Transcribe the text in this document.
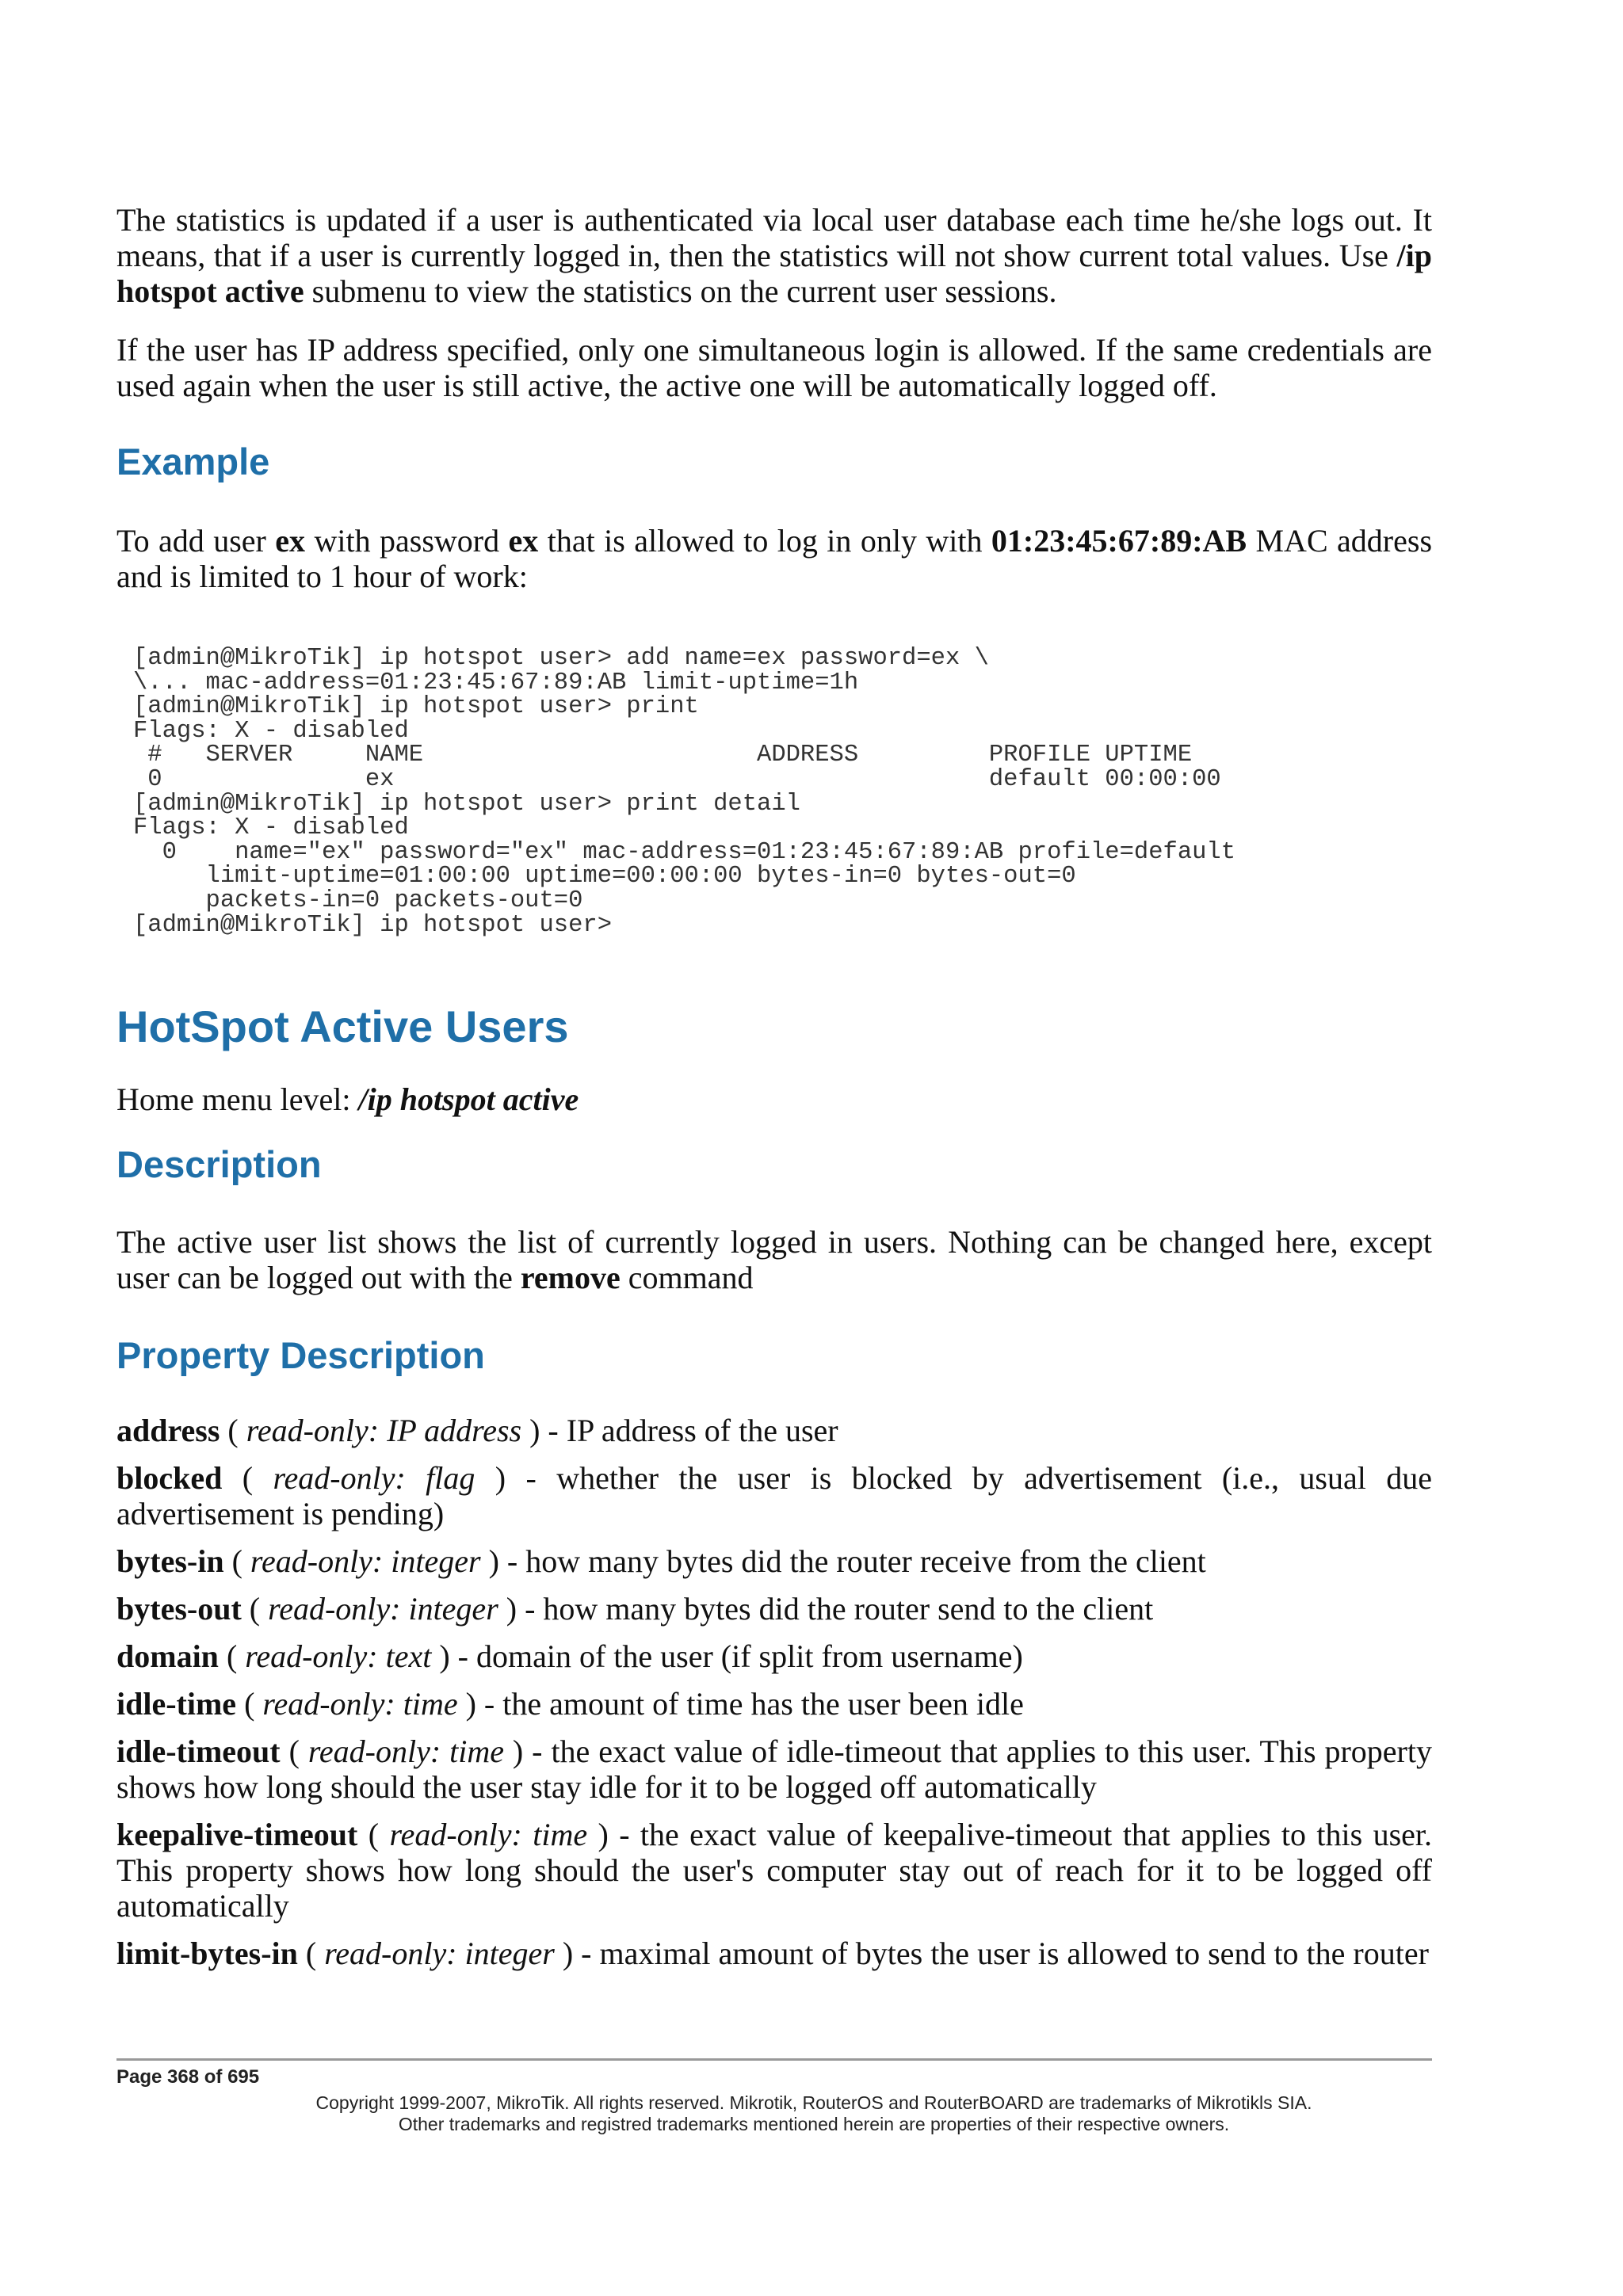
The statistics is updated if a user is authenticated via local user database each time he/she logs out. It means, that if a user is currently logged in, then the statistics will not show current total values. Use /ip hotspot active submenu to view the statistics on the current user sessions.

If the user has IP address specified, only one simultaneous login is allowed. If the same credentials are used again when the user is still active, the active one will be automatically logged off.

Example

To add user ex with password ex that is allowed to log in only with 01:23:45:67:89:AB MAC address and is limited to 1 hour of work:

[admin@MikroTik] ip hotspot user> add name=ex password=ex \
\... mac-address=01:23:45:67:89:AB limit-uptime=1h
[admin@MikroTik] ip hotspot user> print
Flags: X - disabled
#   SERVER     NAME                       ADDRESS         PROFILE UPTIME
0              ex                                         default 00:00:00
[admin@MikroTik] ip hotspot user> print detail
Flags: X - disabled
0    name="ex" password="ex" mac-address=01:23:45:67:89:AB profile=default
limit-uptime=01:00:00 uptime=00:00:00 bytes-in=0 bytes-out=0
packets-in=0 packets-out=0
[admin@MikroTik] ip hotspot user>
HotSpot Active Users

Home menu level: /ip hotspot active

Description

The active user list shows the list of currently logged in users. Nothing can be changed here, except user can be logged out with the remove command

Property Description

address ( read-only: IP address ) - IP address of the user

blocked ( read-only: flag ) - whether the user is blocked by advertisement (i.e., usual due advertisement is pending)

bytes-in ( read-only: integer ) - how many bytes did the router receive from the client

bytes-out ( read-only: integer ) - how many bytes did the router send to the client

domain ( read-only: text ) - domain of the user (if split from username)

idle-time ( read-only: time ) - the amount of time has the user been idle

idle-timeout ( read-only: time ) - the exact value of idle-timeout that applies to this user. This property shows how long should the user stay idle for it to be logged off automatically

keepalive-timeout ( read-only: time ) - the exact value of keepalive-timeout that applies to this user. This property shows how long should the user's computer stay out of reach for it to be logged off automatically

limit-bytes-in ( read-only: integer ) - maximal amount of bytes the user is allowed to send to the router

Page 368 of 695
Copyright 1999-2007, MikroTik. All rights reserved. Mikrotik, RouterOS and RouterBOARD are trademarks of Mikrotikls SIA.
Other trademarks and registred trademarks mentioned herein are properties of their respective owners.
